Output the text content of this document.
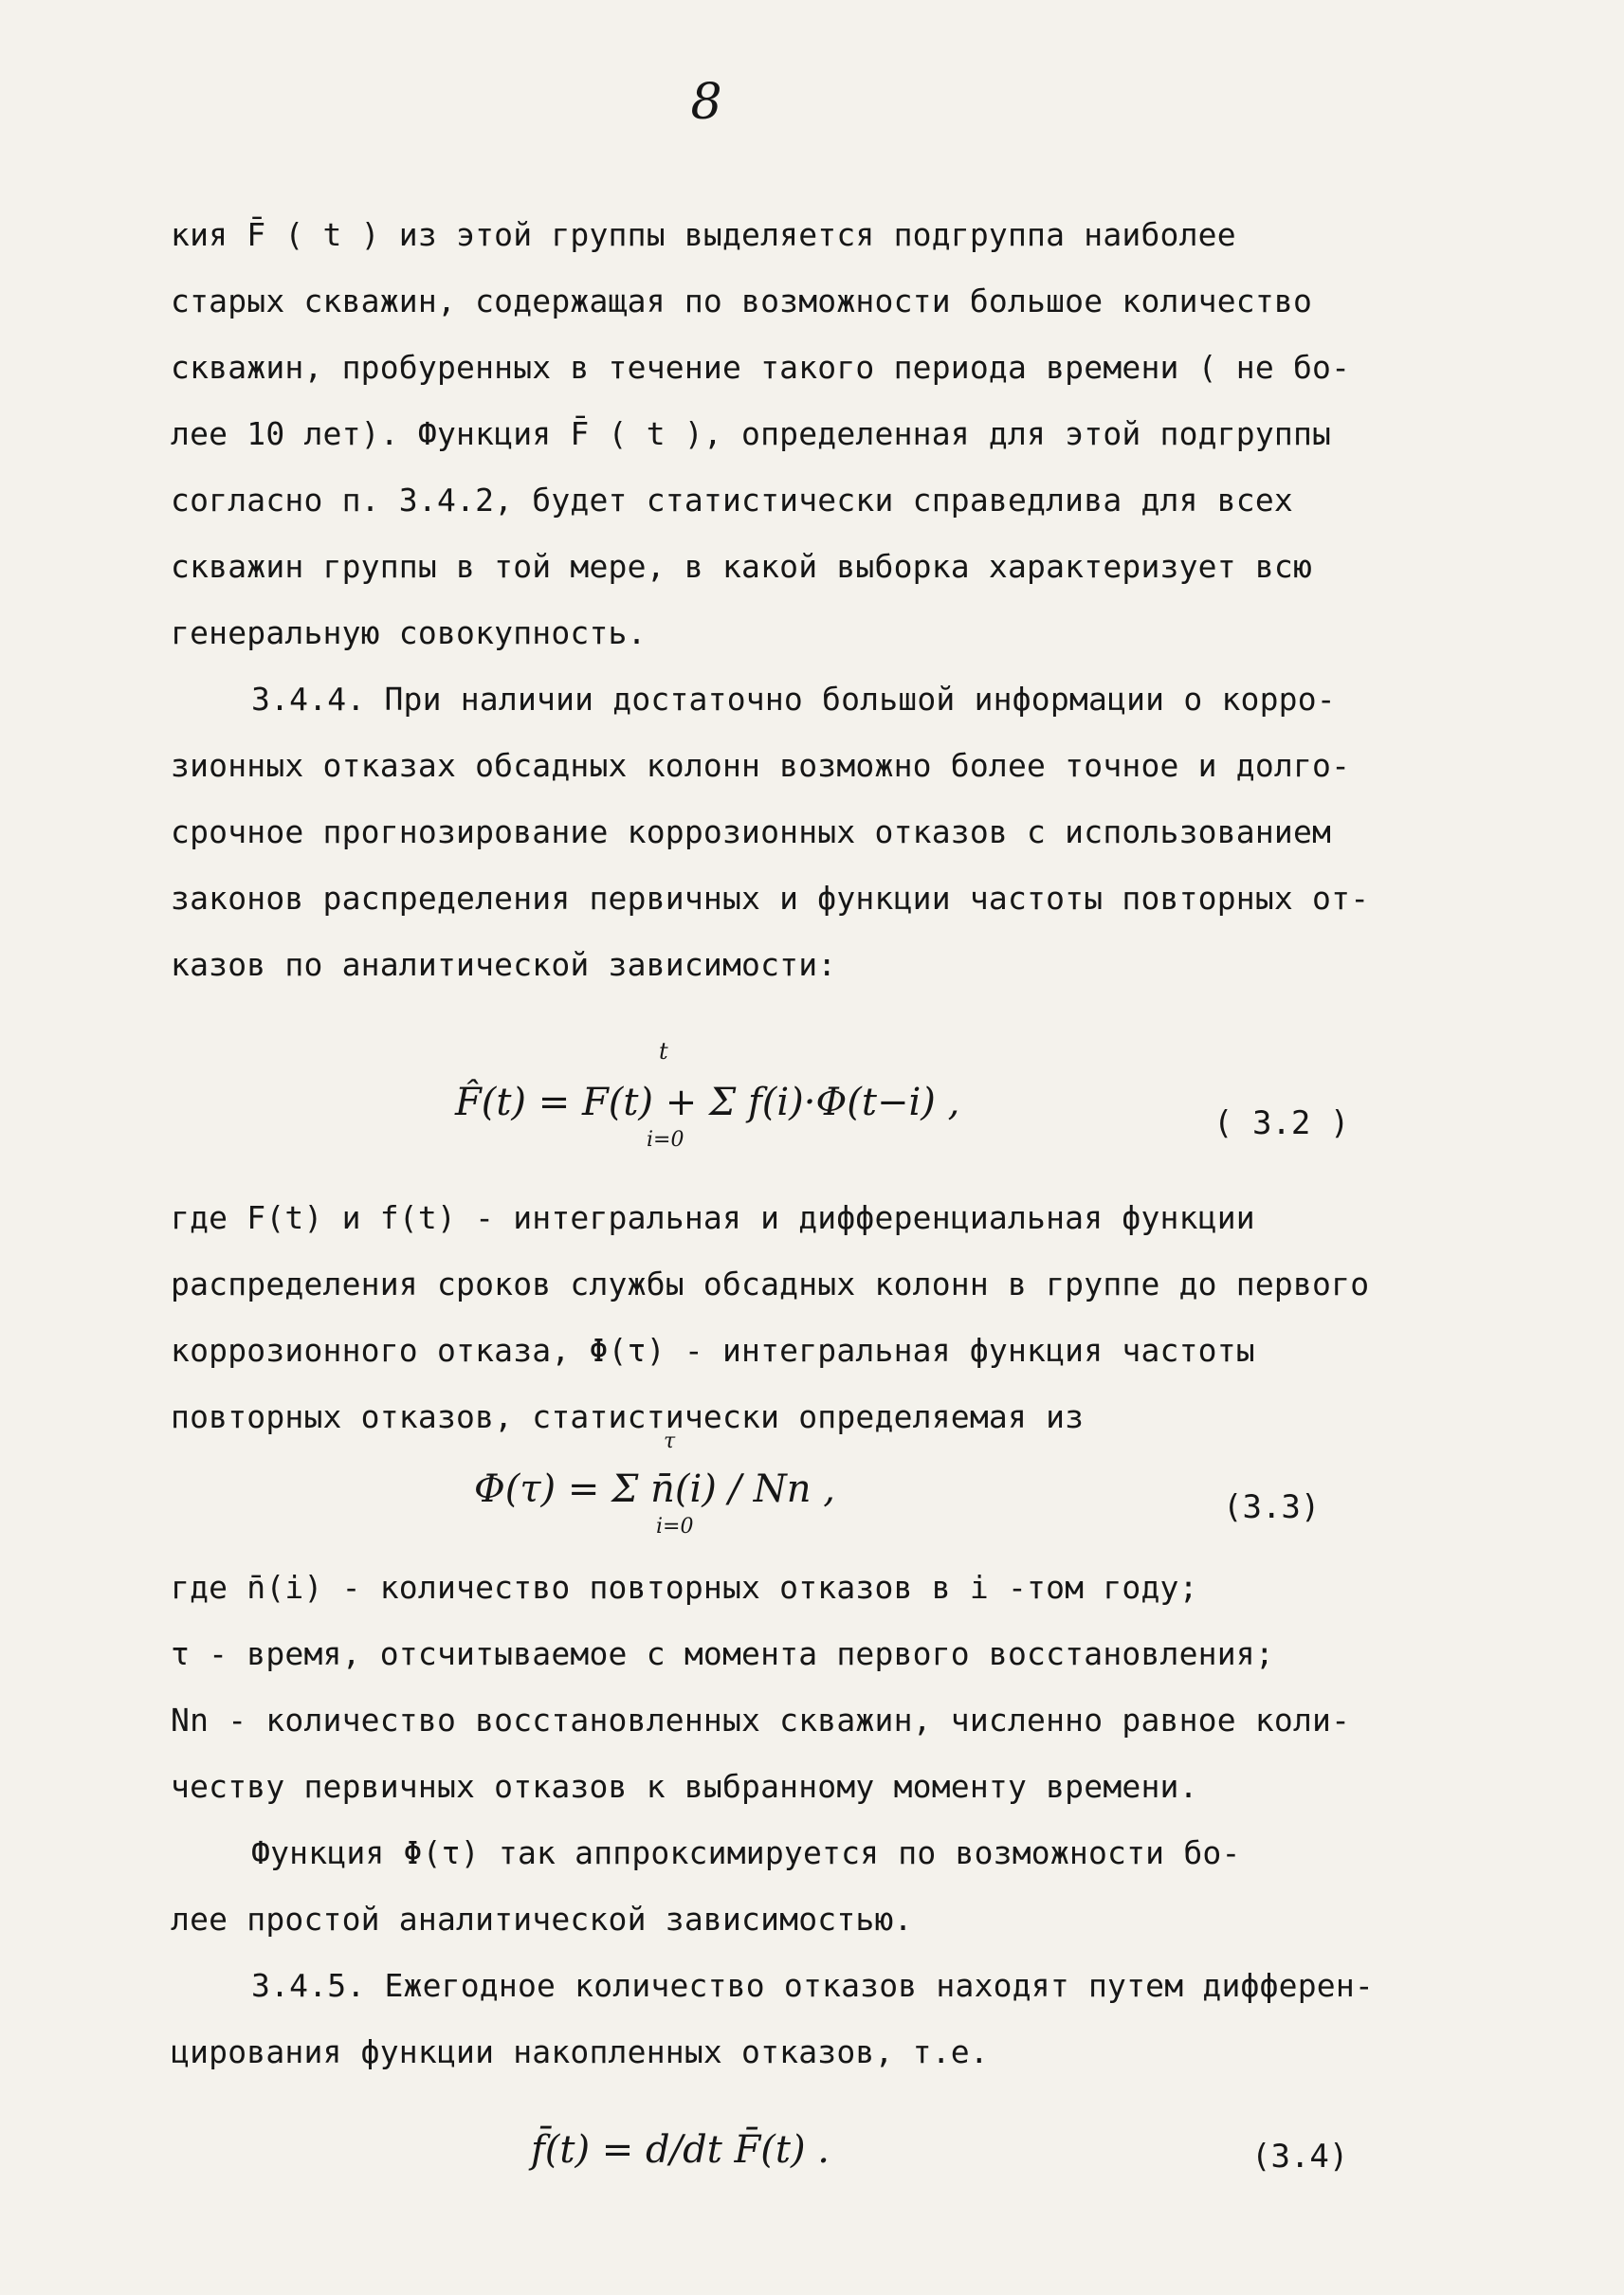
8
кия F̄ ( t ) из этой группы выделяется подгруппа наиболее
старых скважин, содержащая по возможности большое количество
скважин, пробуренных в течение такого периода времени ( не бо-
лее 10 лет). Функция F̄ ( t ), определенная для этой подгруппы
согласно п. 3.4.2, будет статистически справедлива для всех
скважин группы в той мере, в какой выборка характеризует всю
генеральную совокупность.
3.4.4. При наличии достаточно большой информации о корро-
зионных отказах обсадных колонн возможно более точное и долго-
срочное прогнозирование коррозионных отказов с использованием
законов распределения первичных и функции частоты повторных от-
казов по аналитической зависимости:
F̂(t) = F(t) + Σ f(i)·Φ(t−i) ,
t
i=0	( 3.2 )
где F(t) и f(t) - интегральная и дифференциальная функции
распределения сроков службы обсадных колонн в группе до первого
коррозионного отказа, Φ(τ) - интегральная функция частоты
повторных отказов, статистически определяемая из
Φ(τ) = Σ n̄(i) / Nn ,
τ
i=0
(3.3)
где n̄(i) - количество повторных отказов в i -том году;
τ - время, отсчитываемое с момента первого восстановления;
Nn - количество восстановленных скважин, численно равное коли-
честву первичных отказов к выбранному моменту времени.
Функция Φ(τ) так аппроксимируется по возможности бо-
лее простой аналитической зависимостью.
3.4.5. Ежегодное количество отказов находят путем дифферен-
цирования функции накопленных отказов, т.е.
f̄(t) = d/dt F̄(t) .	(3.4)
